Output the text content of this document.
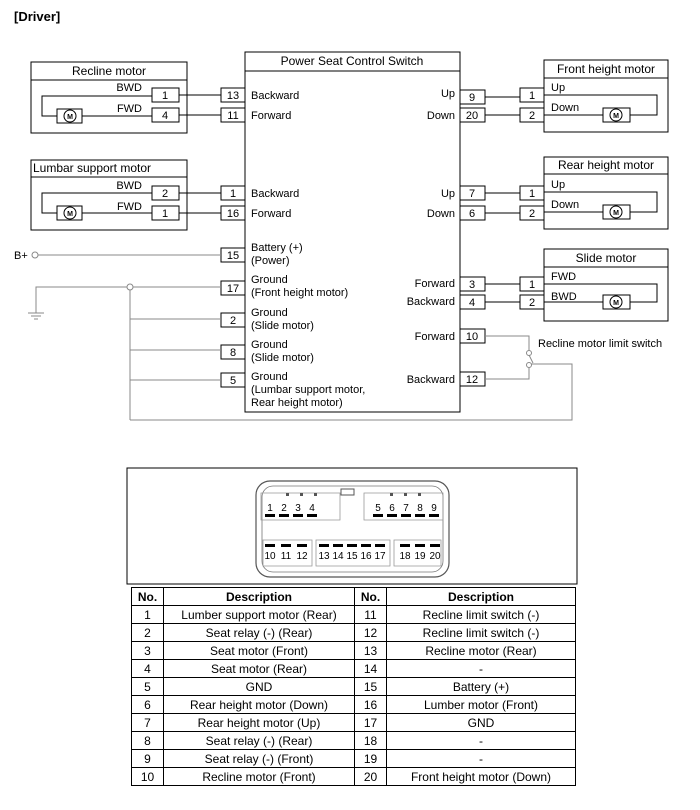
[Driver]
Power Seat Control Switch
Recline motor
BWD
FWD
M
1
4
Lumbar support motor
BWD
FWD
M
2
1
13 Backward
11 Forward
1 Backward
16 Forward
15
Battery (+)
(Power)
17
Ground
(Front height motor)
2
Ground
(Slide motor)
8
Ground
(Slide motor)
5 Ground
(Lumbar support motor,
Rear height motor)
B+
Up 9
Down 20
Up 7
Down 6
Forward 3
Backward 4
Forward 10
Backward 12
Front height motor
Up
Down
M
1
2
Rear height motor
Up
Down
M
1
2
Slide motor
FWD
BWD
M
1
2
Recline motor limit switch
1 2 3 4	5 6 7 8 9
10 11 12 13 14 15 16 17 18 19 20
No.	Description	No.	Description
1	Lumber support motor (Rear)	11	Recline limit switch (-)
2	Seat relay (-) (Rear)	12	Recline limit switch (-)
3	Seat motor (Front)	13	Recline motor (Rear)
4	Seat motor (Rear)	14	-
5	GND	15	Battery (+)
6	Rear height motor (Down)	16	Lumber motor (Front)
7	Rear height motor (Up)	17	GND
8	Seat relay (-) (Rear)	18	-
9	Seat relay (-) (Front)	19	-
10	Recline motor (Front)	20	Front height motor (Down)
